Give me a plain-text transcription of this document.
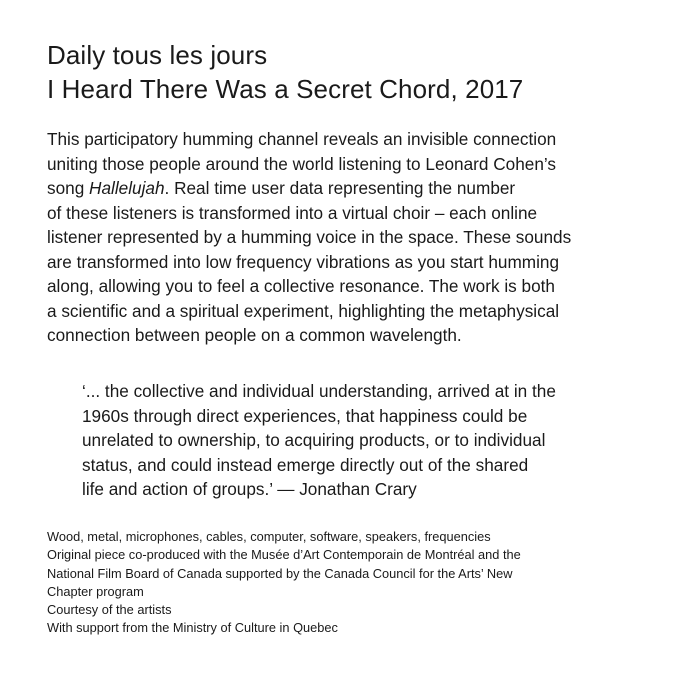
Daily tous les jours
I Heard There Was a Secret Chord, 2017

This participatory humming channel reveals an invisible connection
uniting those people around the world listening to Leonard Cohen’s
song Hallelujah. Real time user data representing the number
of these listeners is transformed into a virtual choir – each online
listener represented by a humming voice in the space. These sounds
are transformed into low frequency vibrations as you start humming
along, allowing you to feel a collective resonance. The work is both
a scientific and a spiritual experiment, highlighting the metaphysical
connection between people on a common wavelength.

‘... the collective and individual understanding, arrived at in the
1960s through direct experiences, that happiness could be
unrelated to ownership, to acquiring products, or to individual
status, and could instead emerge directly out of the shared
life and action of groups.’ — Jonathan Crary

Wood, metal, microphones, cables, computer, software, speakers, frequencies
Original piece co-produced with the Musée d’Art Contemporain de Montréal and the
National Film Board of Canada supported by the Canada Council for the Arts’ New
Chapter program
Courtesy of the artists
With support from the Ministry of Culture in Quebec
